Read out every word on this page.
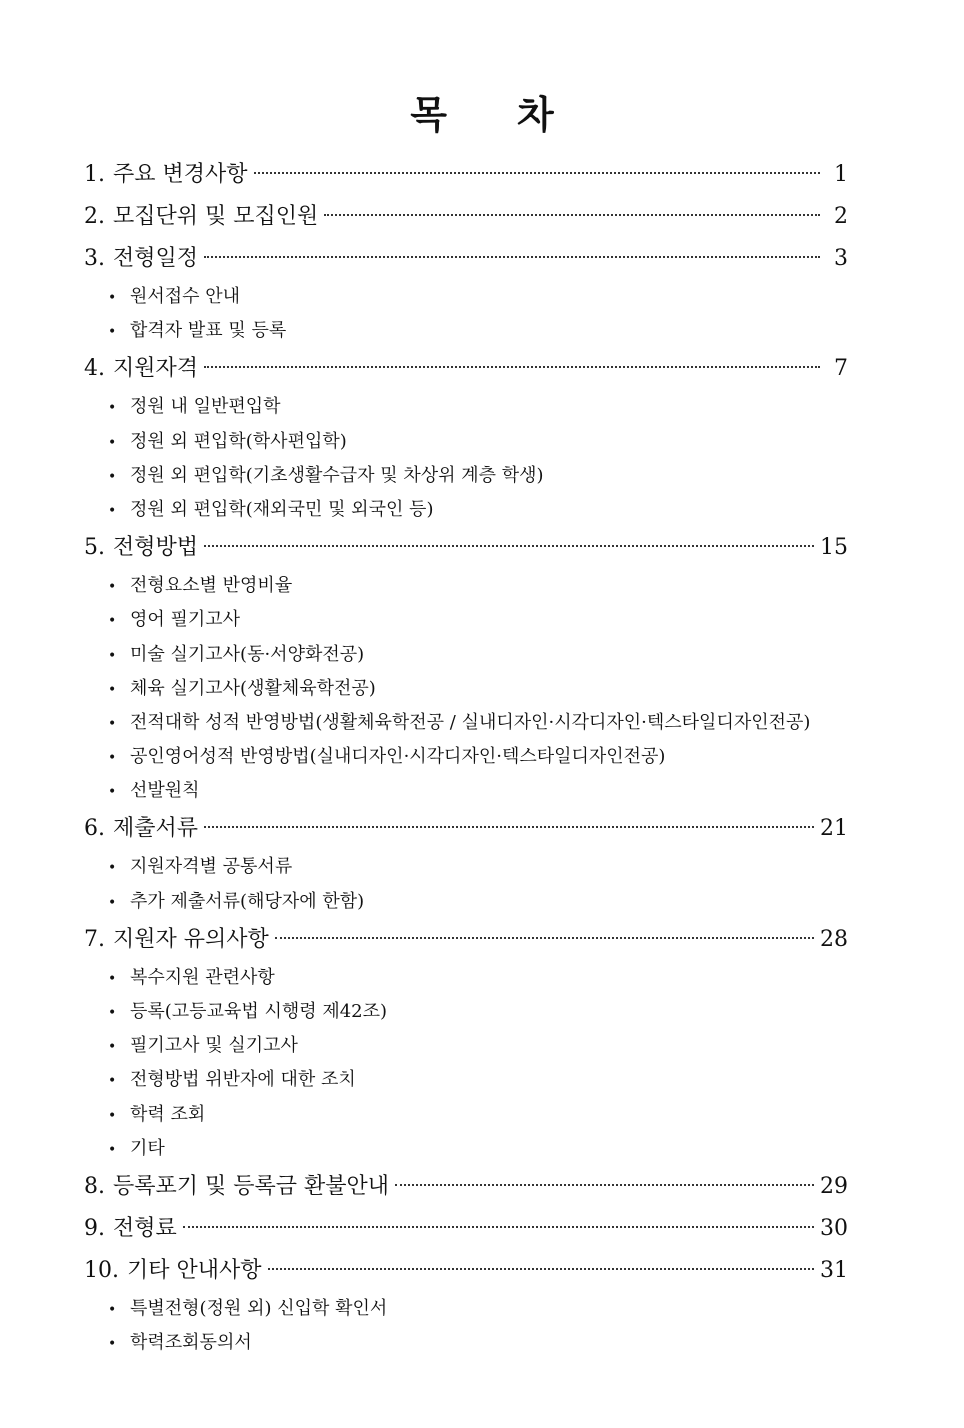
목 차
1. 주요 변경사항	1
2. 모집단위 및 모집인원	2
3. 전형일정	3
• 원서접수 안내
• 합격자 발표 및 등록
4. 지원자격	7
• 정원 내 일반편입학
• 정원 외 편입학(학사편입학)
• 정원 외 편입학(기초생활수급자 및 차상위 계층 학생)
• 정원 외 편입학(재외국민 및 외국인 등)
5. 전형방법	15
• 전형요소별 반영비율
• 영어 필기고사
• 미술 실기고사(동·서양화전공)
• 체육 실기고사(생활체육학전공)
• 전적대학 성적 반영방법(생활체육학전공 / 실내디자인·시각디자인·텍스타일디자인전공)
• 공인영어성적 반영방법(실내디자인·시각디자인·텍스타일디자인전공)
• 선발원칙
6. 제출서류	21
• 지원자격별 공통서류
• 추가 제출서류(해당자에 한함)
7. 지원자 유의사항	28
• 복수지원 관련사항
• 등록(고등교육법 시행령 제42조)
• 필기고사 및 실기고사
• 전형방법 위반자에 대한 조치
• 학력 조회
• 기타
8. 등록포기 및 등록금 환불안내	29
9. 전형료	30
10. 기타 안내사항	31
• 특별전형(정원 외) 신입학 확인서
• 학력조회동의서
